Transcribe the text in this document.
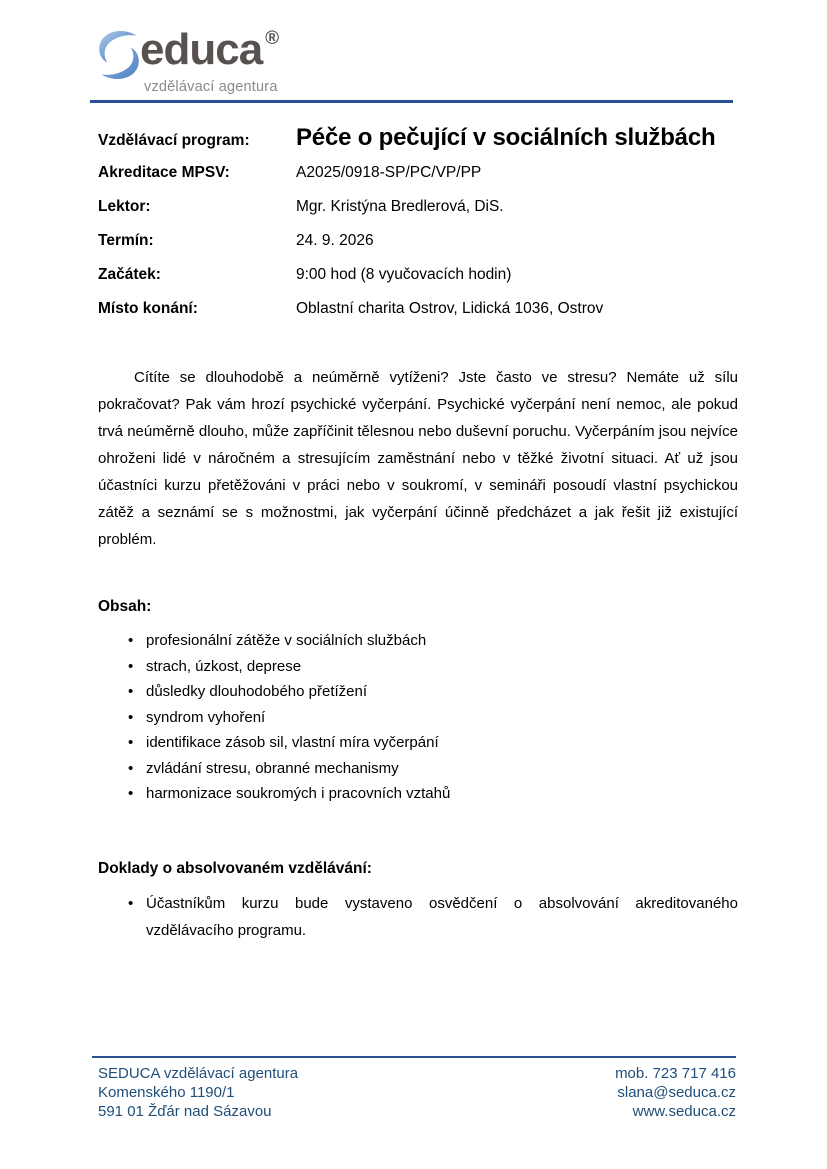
educa ®
vzdělávací agentura
Vzdělávací program:	Péče o pečující v sociálních službách
Akreditace MPSV:	A2025/0918-SP/PC/VP/PP
Lektor:	Mgr. Kristýna Bredlerová, DiS.
Termín:	24. 9. 2026
Začátek:	9:00 hod (8 vyučovacích hodin)
Místo konání:	Oblastní charita Ostrov, Lidická 1036, Ostrov

Cítíte se dlouhodobě a neúměrně vytíženi? Jste často ve stresu? Nemáte už sílu pokračovat? Pak vám hrozí psychické vyčerpání. Psychické vyčerpání není nemoc, ale pokud trvá neúměrně dlouho, může zapříčinit tělesnou nebo duševní poruchu. Vyčerpáním jsou nejvíce ohroženi lidé v náročném a stresujícím zaměstnání nebo v těžké životní situaci. Ať už jsou účastníci kurzu přetěžováni v práci nebo v soukromí, v semináři posoudí vlastní psychickou zátěž a seznámí se s možnostmi, jak vyčerpání účinně předcházet a jak řešit již existující problém.

Obsah:
• profesionální zátěže v sociálních službách
• strach, úzkost, deprese
• důsledky dlouhodobého přetížení
• syndrom vyhoření
• identifikace zásob sil, vlastní míra vyčerpání
• zvládání stresu, obranné mechanismy
• harmonizace soukromých i pracovních vztahů
Doklady o absolvovaném vzdělávání:
• Účastníkům kurzu bude vystaveno osvědčení o absolvování akreditovaného vzdělávacího programu.
SEDUCA vzdělávací agentura
Komenského 1190/1
591 01 Žďár nad Sázavou
mob. 723 717 416
slana@seduca.cz
www.seduca.cz
